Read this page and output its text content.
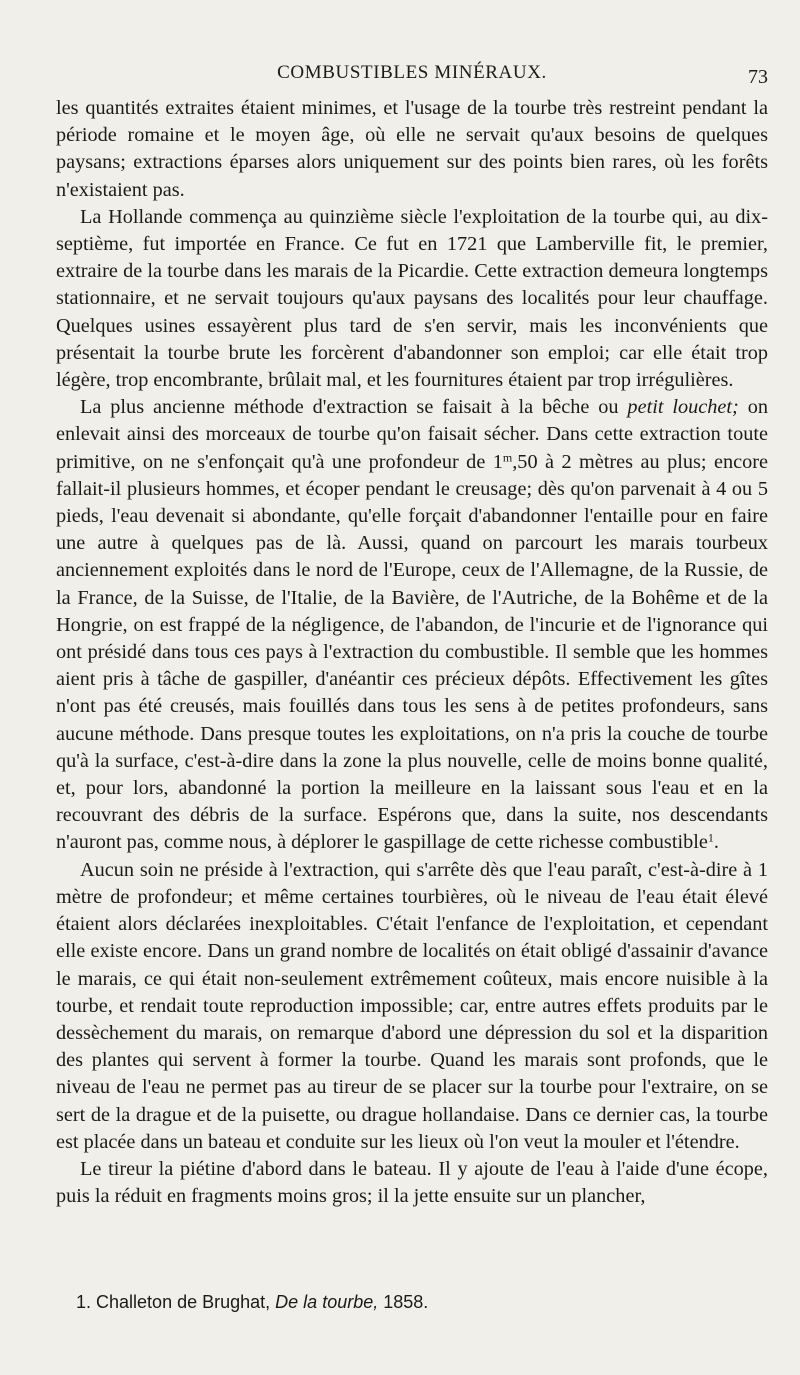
COMBUSTIBLES MINÉRAUX.	73

les quantités extraites étaient minimes, et l'usage de la tourbe très restreint pendant la période romaine et le moyen âge, où elle ne servait qu'aux besoins de quelques paysans; extractions éparses alors uniquement sur des points bien rares, où les forêts n'existaient pas.

La Hollande commença au quinzième siècle l'exploitation de la tourbe qui, au dix-septième, fut importée en France. Ce fut en 1721 que Lamberville fit, le premier, extraire de la tourbe dans les marais de la Picardie. Cette extraction demeura longtemps stationnaire, et ne servait toujours qu'aux paysans des localités pour leur chauffage. Quelques usines essayèrent plus tard de s'en servir, mais les inconvénients que présentait la tourbe brute les forcèrent d'abandonner son emploi; car elle était trop légère, trop encombrante, brûlait mal, et les fournitures étaient par trop irrégulières.

La plus ancienne méthode d'extraction se faisait à la bêche ou petit louchet; on enlevait ainsi des morceaux de tourbe qu'on faisait sécher. Dans cette extraction toute primitive, on ne s'enfonçait qu'à une profondeur de 1$^m$,50 à 2 mètres au plus; encore fallait-il plusieurs hommes, et écoper pendant le creusage; dès qu'on parvenait à 4 ou 5 pieds, l'eau devenait si abondante, qu'elle forçait d'abandonner l'entaille pour en faire une autre à quelques pas de là. Aussi, quand on parcourt les marais tourbeux anciennement exploités dans le nord de l'Europe, ceux de l'Allemagne, de la Russie, de la France, de la Suisse, de l'Italie, de la Bavière, de l'Autriche, de la Bohême et de la Hongrie, on est frappé de la négligence, de l'abandon, de l'incurie et de l'ignorance qui ont présidé dans tous ces pays à l'extraction du combustible. Il semble que les hommes aient pris à tâche de gaspiller, d'anéantir ces précieux dépôts. Effectivement les gîtes n'ont pas été creusés, mais fouillés dans tous les sens à de petites profondeurs, sans aucune méthode. Dans presque toutes les exploitations, on n'a pris la couche de tourbe qu'à la surface, c'est-à-dire dans la zone la plus nouvelle, celle de moins bonne qualité, et, pour lors, abandonné la portion la meilleure en la laissant sous l'eau et en la recouvrant des débris de la surface. Espérons que, dans la suite, nos descendants n'auront pas, comme nous, à déplorer le gaspillage de cette richesse combustible$^1$.

Aucun soin ne préside à l'extraction, qui s'arrête dès que l'eau paraît, c'est-à-dire à 1 mètre de profondeur; et même certaines tourbières, où le niveau de l'eau était élevé étaient alors déclarées inexploitables. C'était l'enfance de l'exploitation, et cependant elle existe encore. Dans un grand nombre de localités on était obligé d'assainir d'avance le marais, ce qui était non-seulement extrêmement coûteux, mais encore nuisible à la tourbe, et rendait toute reproduction impossible; car, entre autres effets produits par le dessèchement du marais, on remarque d'abord une dépression du sol et la disparition des plantes qui servent à former la tourbe. Quand les marais sont profonds, que le niveau de l'eau ne permet pas au tireur de se placer sur la tourbe pour l'extraire, on se sert de la drague et de la puisette, ou drague hollandaise. Dans ce dernier cas, la tourbe est placée dans un bateau et conduite sur les lieux où l'on veut la mouler et l'étendre.

Le tireur la piétine d'abord dans le bateau. Il y ajoute de l'eau à l'aide d'une écope, puis la réduit en fragments moins gros; il la jette ensuite sur un plancher,

1. Challeton de Brughat, De la tourbe, 1858.
